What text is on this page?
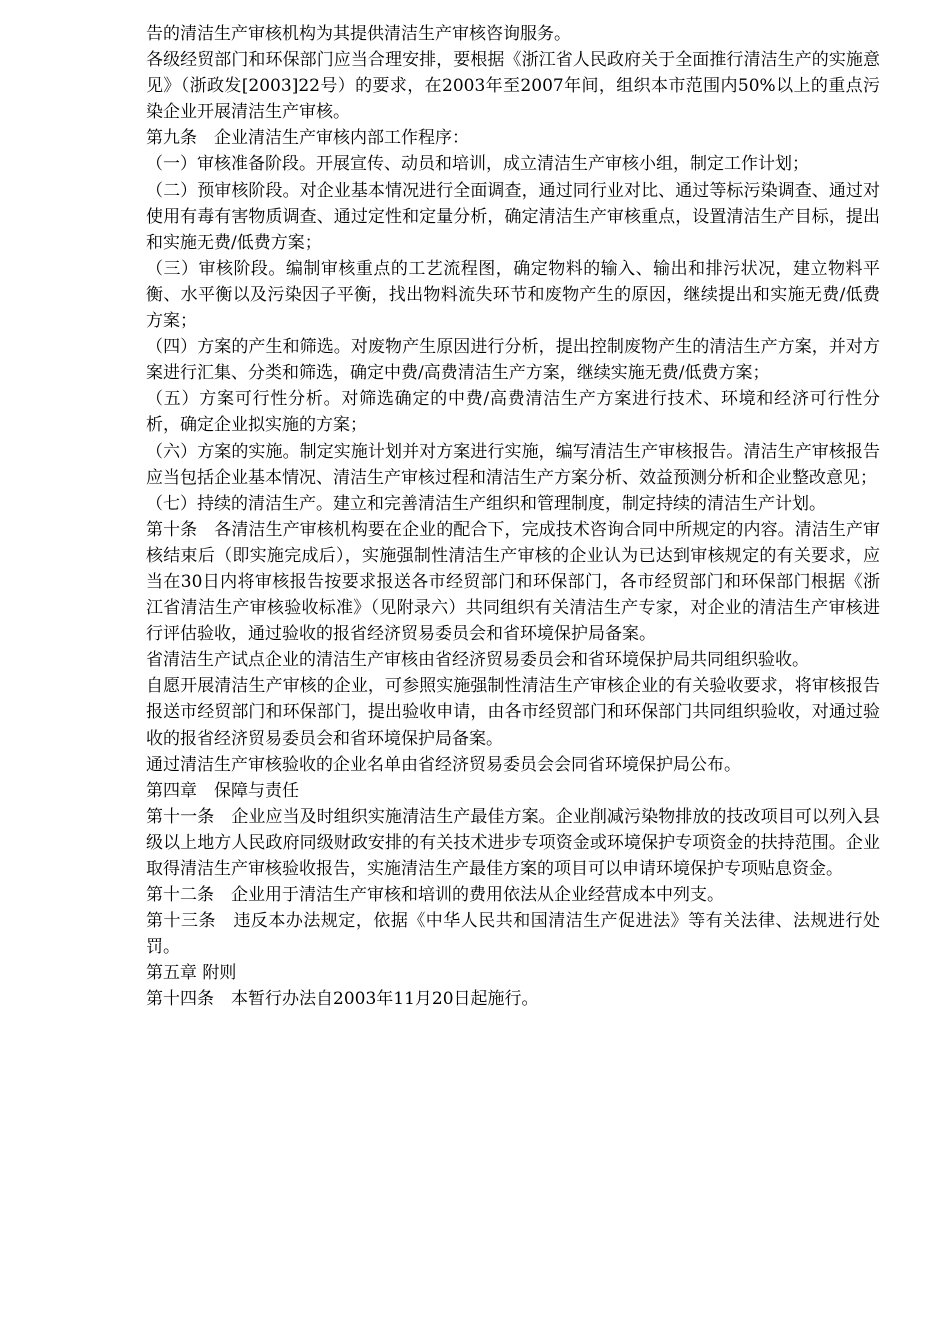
告的清洁生产审核机构为其提供清洁生产审核咨询服务。

各级经贸部门和环保部门应当合理安排，要根据《浙江省人民政府关于全面推行清洁生产的实施意见》（浙政发[2003]22号）的要求，在2003年至2007年间，组织本市范围内50%以上的重点污染企业开展清洁生产审核。

第九条　企业清洁生产审核内部工作程序：

（一）审核准备阶段。开展宣传、动员和培训，成立清洁生产审核小组，制定工作计划；

（二）预审核阶段。对企业基本情况进行全面调查，通过同行业对比、通过等标污染调查、通过对使用有毒有害物质调查、通过定性和定量分析，确定清洁生产审核重点，设置清洁生产目标，提出和实施无费/低费方案；

（三）审核阶段。编制审核重点的工艺流程图，确定物料的输入、输出和排污状况，建立物料平衡、水平衡以及污染因子平衡，找出物料流失环节和废物产生的原因，继续提出和实施无费/低费方案；

（四）方案的产生和筛选。对废物产生原因进行分析，提出控制废物产生的清洁生产方案，并对方案进行汇集、分类和筛选，确定中费/高费清洁生产方案，继续实施无费/低费方案；

（五）方案可行性分析。对筛选确定的中费/高费清洁生产方案进行技术、环境和经济可行性分析，确定企业拟实施的方案；

（六）方案的实施。制定实施计划并对方案进行实施，编写清洁生产审核报告。清洁生产审核报告应当包括企业基本情况、清洁生产审核过程和清洁生产方案分析、效益预测分析和企业整改意见；

（七）持续的清洁生产。建立和完善清洁生产组织和管理制度，制定持续的清洁生产计划。

第十条　各清洁生产审核机构要在企业的配合下，完成技术咨询合同中所规定的内容。清洁生产审核结束后（即实施完成后），实施强制性清洁生产审核的企业认为已达到审核规定的有关要求，应当在30日内将审核报告按要求报送各市经贸部门和环保部门，各市经贸部门和环保部门根据《浙江省清洁生产审核验收标准》（见附录六）共同组织有关清洁生产专家，对企业的清洁生产审核进行评估验收，通过验收的报省经济贸易委员会和省环境保护局备案。

省清洁生产试点企业的清洁生产审核由省经济贸易委员会和省环境保护局共同组织验收。

自愿开展清洁生产审核的企业，可参照实施强制性清洁生产审核企业的有关验收要求，将审核报告报送市经贸部门和环保部门，提出验收申请，由各市经贸部门和环保部门共同组织验收，对通过验收的报省经济贸易委员会和省环境保护局备案。

通过清洁生产审核验收的企业名单由省经济贸易委员会会同省环境保护局公布。

第四章　保障与责任

第十一条　企业应当及时组织实施清洁生产最佳方案。企业削减污染物排放的技改项目可以列入县级以上地方人民政府同级财政安排的有关技术进步专项资金或环境保护专项资金的扶持范围。企业取得清洁生产审核验收报告，实施清洁生产最佳方案的项目可以申请环境保护专项贴息资金。

第十二条　企业用于清洁生产审核和培训的费用依法从企业经营成本中列支。

第十三条　违反本办法规定，依据《中华人民共和国清洁生产促进法》等有关法律、法规进行处罚。

第五章 附则

第十四条　本暂行办法自2003年11月20日起施行。
